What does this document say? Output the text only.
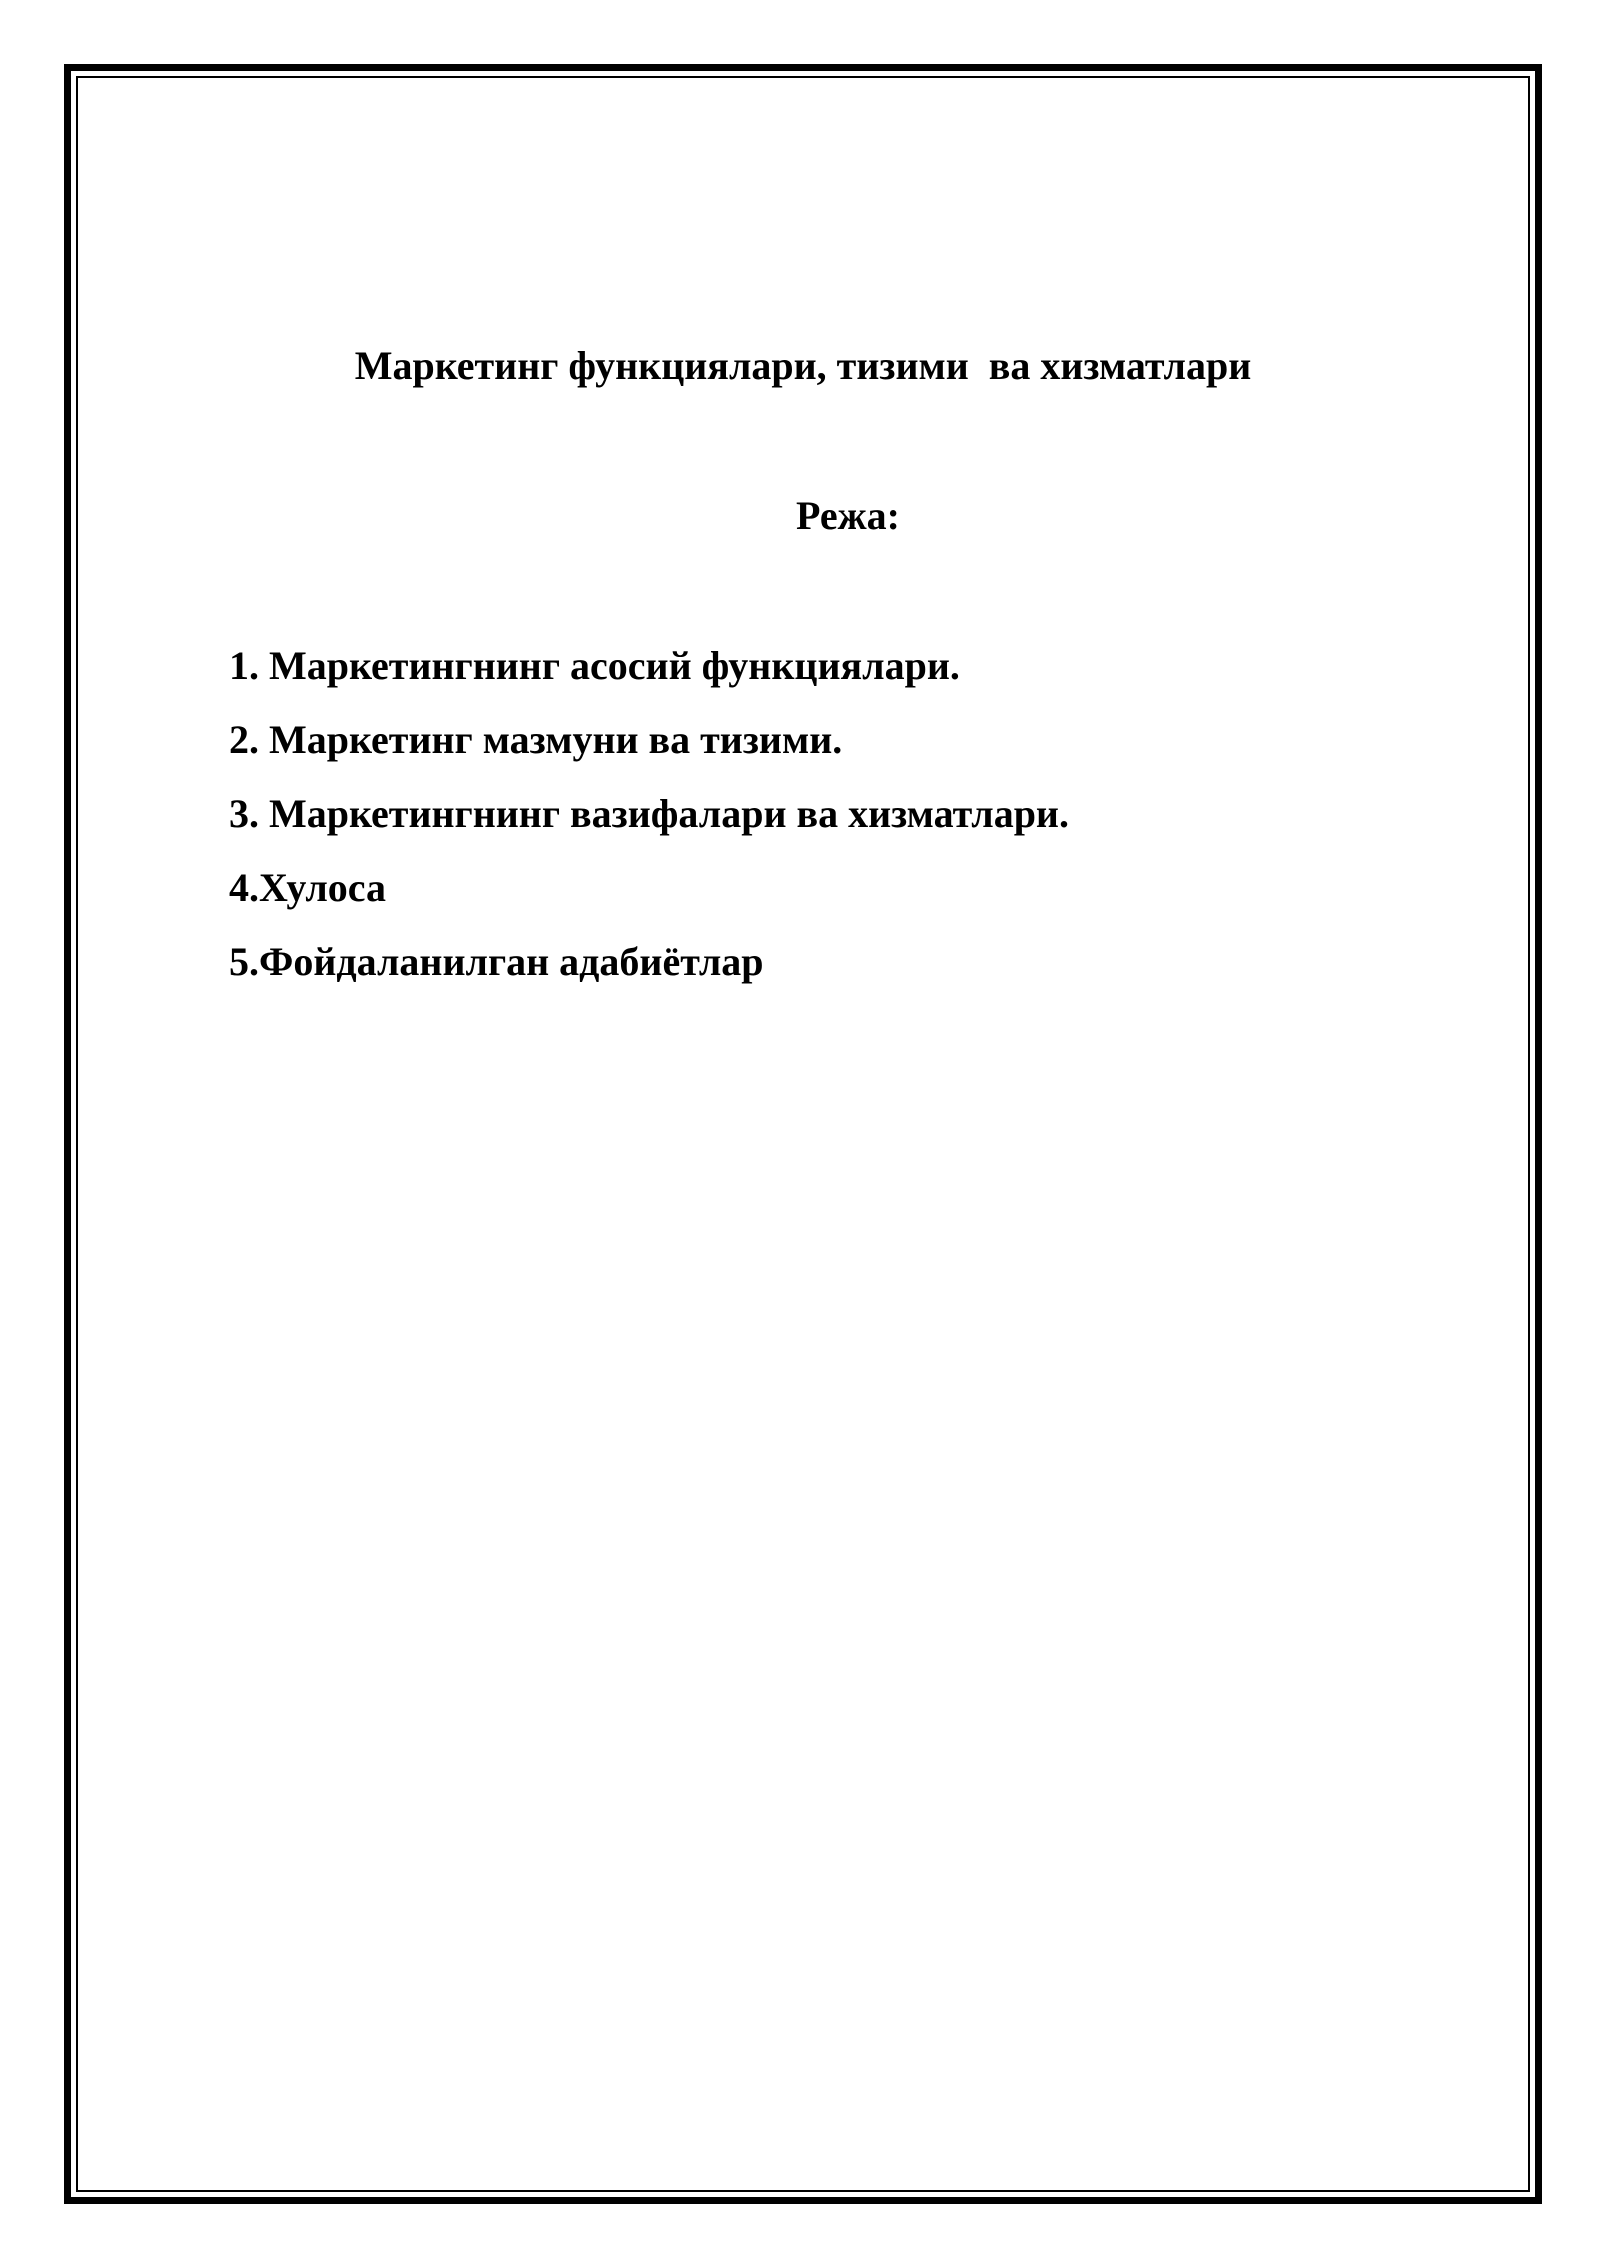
Маркетинг функциялари, тизими  ва хизматлари
Режа:
1. Маркетингнинг асосий функциялари.
2. Маркетинг мазмуни ва тизими.
3. Маркетингнинг вазифалари ва хизматлари.
4.Хулоса
5.Фойдаланилган адабиётлар
